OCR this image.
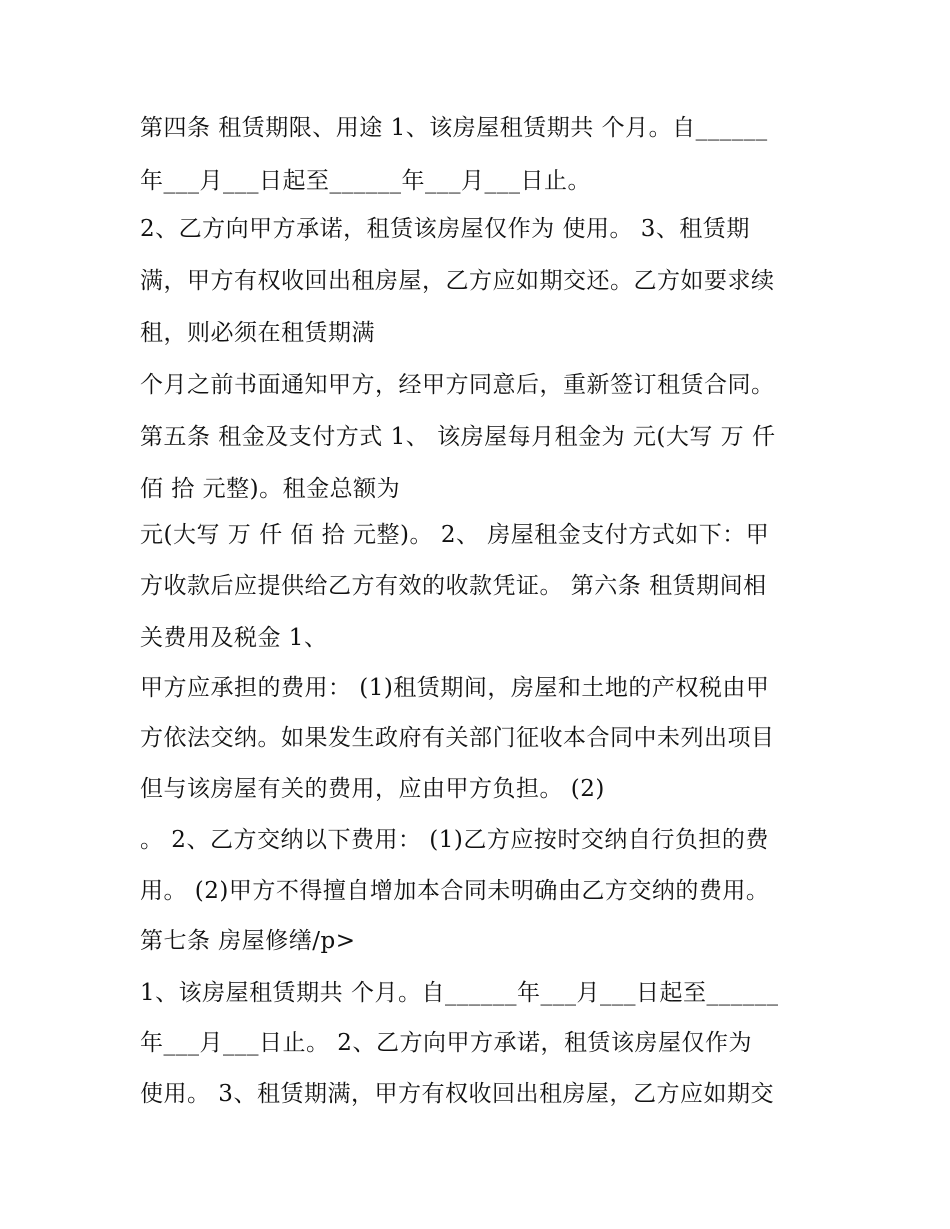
第四条 租赁期限、用途 1、该房屋租赁期共 个月。自______
年___月___日起至______年___月___日止。
2、乙方向甲方承诺，租赁该房屋仅作为 使用。 3、租赁期
满，甲方有权收回出租房屋，乙方应如期交还。乙方如要求续
租，则必须在租赁期满
个月之前书面通知甲方，经甲方同意后，重新签订租赁合同。
第五条 租金及支付方式 1、 该房屋每月租金为 元(大写 万 仟
佰 拾 元整)。租金总额为
元(大写 万 仟 佰 拾 元整)。 2、 房屋租金支付方式如下：甲
方收款后应提供给乙方有效的收款凭证。 第六条 租赁期间相
关费用及税金 1、
甲方应承担的费用： (1)租赁期间，房屋和土地的产权税由甲
方依法交纳。如果发生政府有关部门征收本合同中未列出项目
但与该房屋有关的费用，应由甲方负担。 (2)
。 2、乙方交纳以下费用： (1)乙方应按时交纳自行负担的费
用。 (2)甲方不得擅自增加本合同未明确由乙方交纳的费用。
第七条 房屋修缮/p>
1、该房屋租赁期共 个月。自______年___月___日起至______
年___月___日止。 2、乙方向甲方承诺，租赁该房屋仅作为
使用。 3、租赁期满，甲方有权收回出租房屋，乙方应如期交
